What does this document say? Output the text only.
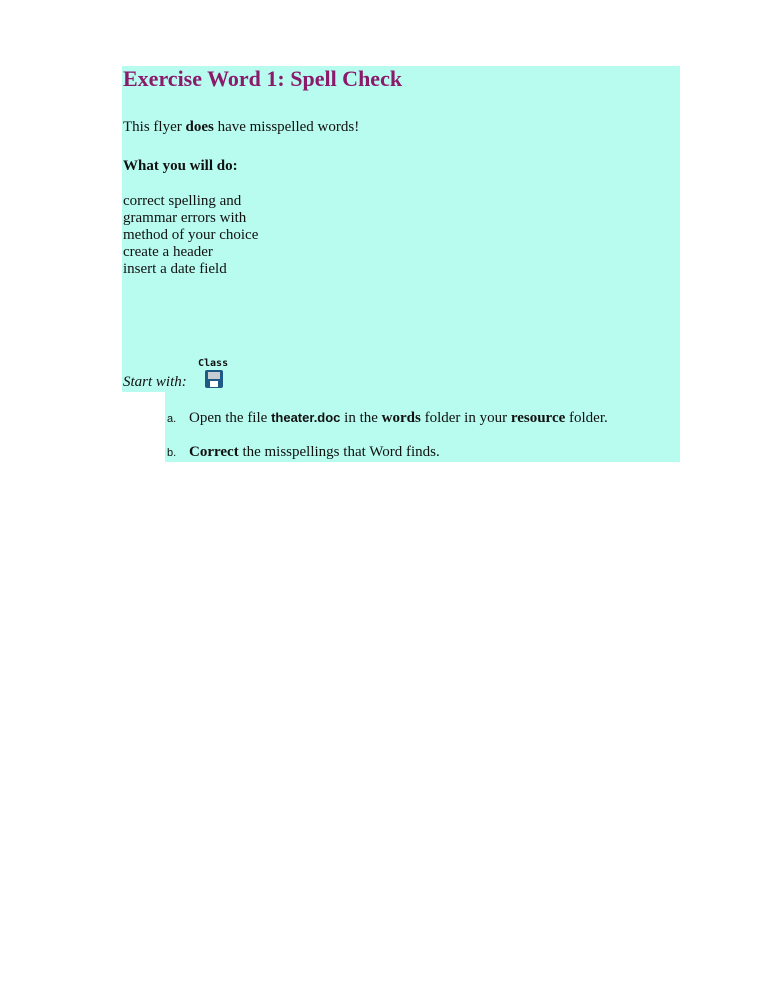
Exercise Word 1: Spell Check
This flyer does have misspelled words!
What you will do:
correct spelling and
grammar errors with
method of your choice
create a header
insert a date field
Class
Start with:
a. Open the file theater.doc in the words folder in your resource folder.
b. Correct the misspellings that Word finds.
